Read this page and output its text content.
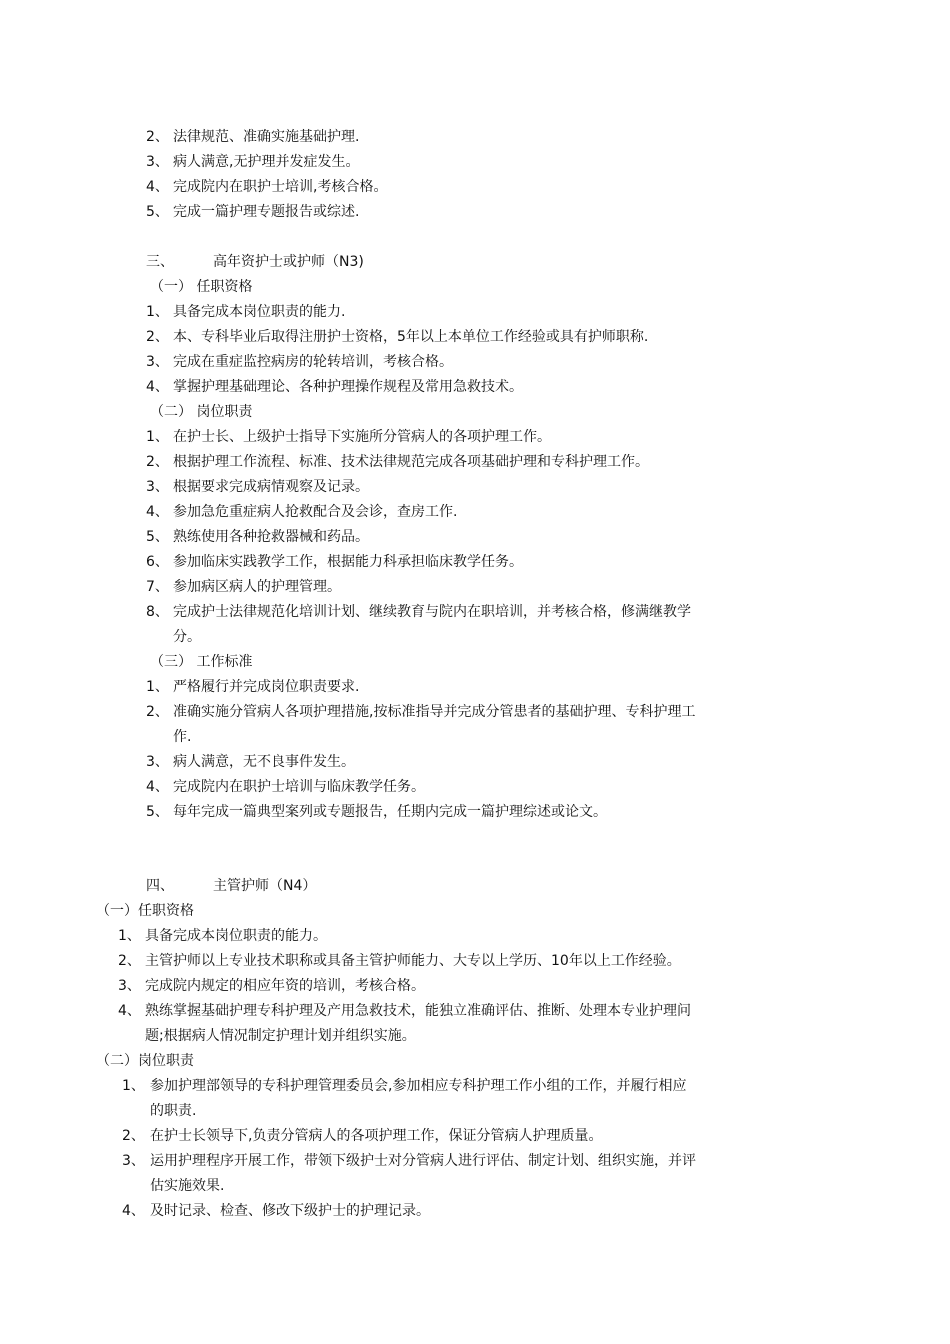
2、 法律规范、准确实施基础护理.
3、 病人满意,无护理并发症发生。
4、 完成院内在职护士培训,考核合格。
5、 完成一篇护理专题报告或综述.
三、	高年资护士或护师（N3)
（一） 任职资格
1、 具备完成本岗位职责的能力.
2、 本、专科毕业后取得注册护士资格，5年以上本单位工作经验或具有护师职称.
3、 完成在重症监控病房的轮转培训，考核合格。
4、 掌握护理基础理论、各种护理操作规程及常用急救技术。
（二） 岗位职责
1、 在护士长、上级护士指导下实施所分管病人的各项护理工作。
2、 根据护理工作流程、标准、技术法律规范完成各项基础护理和专科护理工作。
3、 根据要求完成病情观察及记录。
4、 参加急危重症病人抢救配合及会诊，查房工作.
5、 熟练使用各种抢救器械和药品。
6、 参加临床实践教学工作，根据能力科承担临床教学任务。
7、 参加病区病人的护理管理。
8、 完成护士法律规范化培训计划、继续教育与院内在职培训，并考核合格，修满继教学
分。
（三） 工作标准
1、 严格履行并完成岗位职责要求.
2、 准确实施分管病人各项护理措施,按标准指导并完成分管患者的基础护理、专科护理工
作.
3、 病人满意，无不良事件发生。
4、 完成院内在职护士培训与临床教学任务。
5、 每年完成一篇典型案列或专题报告，任期内完成一篇护理综述或论文。
四、	主管护师（N4）
（一）任职资格
1、 具备完成本岗位职责的能力。
2、 主管护师以上专业技术职称或具备主管护师能力、大专以上学历、10年以上工作经验。
3、 完成院内规定的相应年资的培训，考核合格。
4、 熟练掌握基础护理专科护理及产用急救技术，能独立准确评估、推断、处理本专业护理问
题;根据病人情况制定护理计划并组织实施。
（二）岗位职责
1、 参加护理部领导的专科护理管理委员会,参加相应专科护理工作小组的工作，并履行相应
的职责.
2、 在护士长领导下,负责分管病人的各项护理工作，保证分管病人护理质量。
3、 运用护理程序开展工作，带领下级护士对分管病人进行评估、制定计划、组织实施，并评
估实施效果.
4、 及时记录、检查、修改下级护士的护理记录。
